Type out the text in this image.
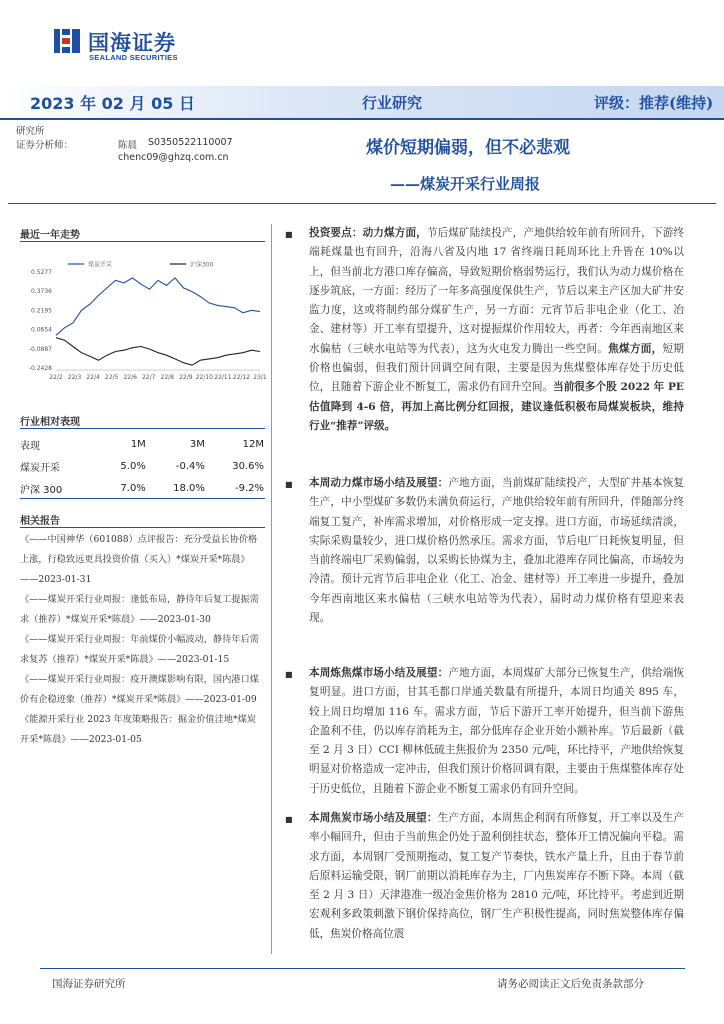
国海证券
SEALAND SECURITIES
2023 年 02 月 05 日	行业研究	评级：推荐(维持)
研究所
证券分析师：	陈晨 S0350522110007
chenc09@ghzq.com.cn	煤价短期偏弱，但不必悲观
——煤炭开采行业周报
最近一年走势
煤炭开采	沪深300
0.5277
0.3736
0.2195
0.0654
-0.0887
-0.2428
22/2 22/3 22/4 22/5 22/6 22/7 22/8 22/9 22/10 22/11 22/12 23/1
行业相对表现
表现	1M	3M	12M
煤炭开采	5.0%	-0.4%	30.6%
沪深 300	7.0%	18.0%	-9.2%
相关报告

《——中国神华（601088）点评报告：充分受益长协价格上涨，行稳致远更具投资价值（买入）*煤炭开采*陈晨》——2023-01-31

《——煤炭开采行业周报：逢低布局，静待年后复工提振需求（推荐）*煤炭开采*陈晨》——2023-01-30

《——煤炭开采行业周报：年前煤价小幅波动，静待年后需求复苏（推荐）*煤炭开采*陈晨》——2023-01-15

《——煤炭开采行业周报：疫开澳煤影响有限，国内港口煤价有企稳迹象（推荐）*煤炭开采*陈晨》——2023-01-09

《能源开采行业 2023 年度策略报告：掘金价值洼地*煤炭开采*陈晨》——2023-01-05

■ 投资要点：动力煤方面，节后煤矿陆续投产，产地供给较年前有所回升，下游终端耗煤量也有回升，沿海八省及内地 17 省终端日耗周环比上升皆在 10%以上，但当前北方港口库存偏高，导致短期价格弱势运行，我们认为动力煤价格在逐步筑底，一方面：经历了一年多高强度保供生产，节后以来主产区加大矿井安监力度，这或将制约部分煤矿生产，另一方面：元宵节后非电企业（化工、冶金、建材等）开工率有望提升，这对提振煤价作用较大，再者：今年西南地区来水偏枯（三峡水电站等为代表），这为火电发力腾出一些空间。焦煤方面，短期价格也偏弱，但我们预计回调空间有限，主要是因为焦煤整体库存处于历史低位，且随着下游企业不断复工，需求仍有回升空间。当前很多个股 2022 年 PE 估值降到 4-6 倍，再加上高比例分红回报，建议逢低积极布局煤炭板块，维持行业“推荐”评级。

■ 本周动力煤市场小结及展望：产地方面，当前煤矿陆续投产，大型矿井基本恢复生产，中小型煤矿多数仍未满负荷运行，产地供给较年前有所回升，伴随部分终端复工复产，补库需求增加，对价格形成一定支撑。进口方面，市场延续清淡，实际采购量较少，进口煤价格仍然承压。需求方面，节后电厂日耗恢复明显，但当前终端电厂采购偏弱，以采购长协煤为主，叠加北港库存同比偏高，市场较为冷清。预计元宵节后非电企业（化工、冶金、建材等）开工率进一步提升，叠加今年西南地区来水偏枯（三峡水电站等为代表），届时动力煤价格有望迎来表现。

■ 本周炼焦煤市场小结及展望：产地方面，本周煤矿大部分已恢复生产，供给端恢复明显。进口方面，甘其毛都口岸通关数量有所提升，本周日均通关 895 车，较上周日均增加 116 车。需求方面，节后下游开工率开始提升，但当前下游焦企盈利不佳，仍以库存消耗为主，部分低库存企业开始小额补库。节后最新（截至 2 月 3 日）CCI 柳林低硫主焦报价为 2350 元/吨，环比持平，产地供给恢复明显对价格造成一定冲击，但我们预计价格回调有限，主要由于焦煤整体库存处于历史低位，且随着下游企业不断复工需求仍有回升空间。

■ 本周焦炭市场小结及展望：生产方面，本周焦企利润有所修复，开工率以及生产率小幅回升，但由于当前焦企仍处于盈利倒挂状态，整体开工情况偏向平稳。需求方面，本周钢厂受预期拖动，复工复产节奏快，铁水产量上升，且由于春节前后原料运输受限，钢厂前期以消耗库存为主，厂内焦炭库存不断下降。本周（截至 2 月 3 日）天津港准一级冶金焦价格为 2810 元/吨，环比持平。考虑到近期宏观利多政策刺激下钢价保持高位，钢厂生产积极性提高，同时焦炭整体库存偏低，焦炭价格高位震

国海证券研究所	请务必阅读正文后免责条款部分
